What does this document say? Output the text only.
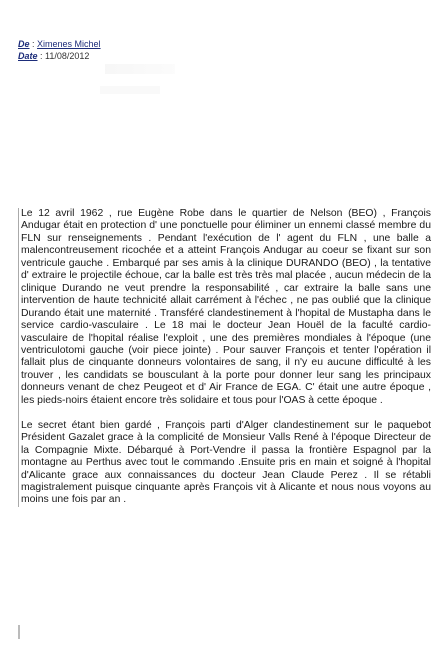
De : Ximenes Michel
Date : 11/08/2012

Le 12 avril 1962 , rue Eugène Robe dans le quartier de Nelson (BEO) , François Andugar était en protection d' une ponctuelle pour éliminer un ennemi classé membre du FLN sur renseignements . Pendant l'exécution de l' agent du FLN , une balle a malencontreusement ricochée et a atteint François Andugar au coeur se fixant sur son ventricule gauche . Embarqué par ses amis à la clinique DURANDO (BEO) , la tentative d' extraire le projectile échoue, car la balle est très très mal placée , aucun médecin de la clinique Durando ne veut prendre la responsabilité , car extraire la balle sans une intervention de haute technicité allait carrément à l'échec , ne pas oublié que la clinique Durando était une maternité . Transféré clandestinement à l'hopital de Mustapha dans le service cardio-vasculaire . Le 18 mai le docteur Jean Houël de la faculté cardio-vasculaire de l'hopital réalise l'exploit , une des premières mondiales à l'époque (une ventriculotomi gauche (voir piece jointe) . Pour sauver François et tenter l'opération il fallait plus de cinquante donneurs volontaires de sang, il n'y eu aucune difficulté à les trouver , les candidats se bousculant à la porte pour donner leur sang les principaux donneurs venant de chez Peugeot et d' Air France de EGA. C' était une autre époque , les pieds-noirs étaient encore très solidaire et tous pour l'OAS à cette époque .

Le secret étant bien gardé , François parti d'Alger clandestinement sur le paquebot Président Gazalet grace à la complicité de Monsieur Valls René à l'époque Directeur de la Compagnie Mixte. Débarqué à Port-Vendre il passa la frontière Espagnol par la montagne au Perthus avec tout le commando .Ensuite pris en main et soigné à l'hopital d'Alicante grace aux connaissances du docteur Jean Claude Perez . Il se rétabli magistralement puisque cinquante après François vit à Alicante et nous nous voyons au moins une fois par an .
